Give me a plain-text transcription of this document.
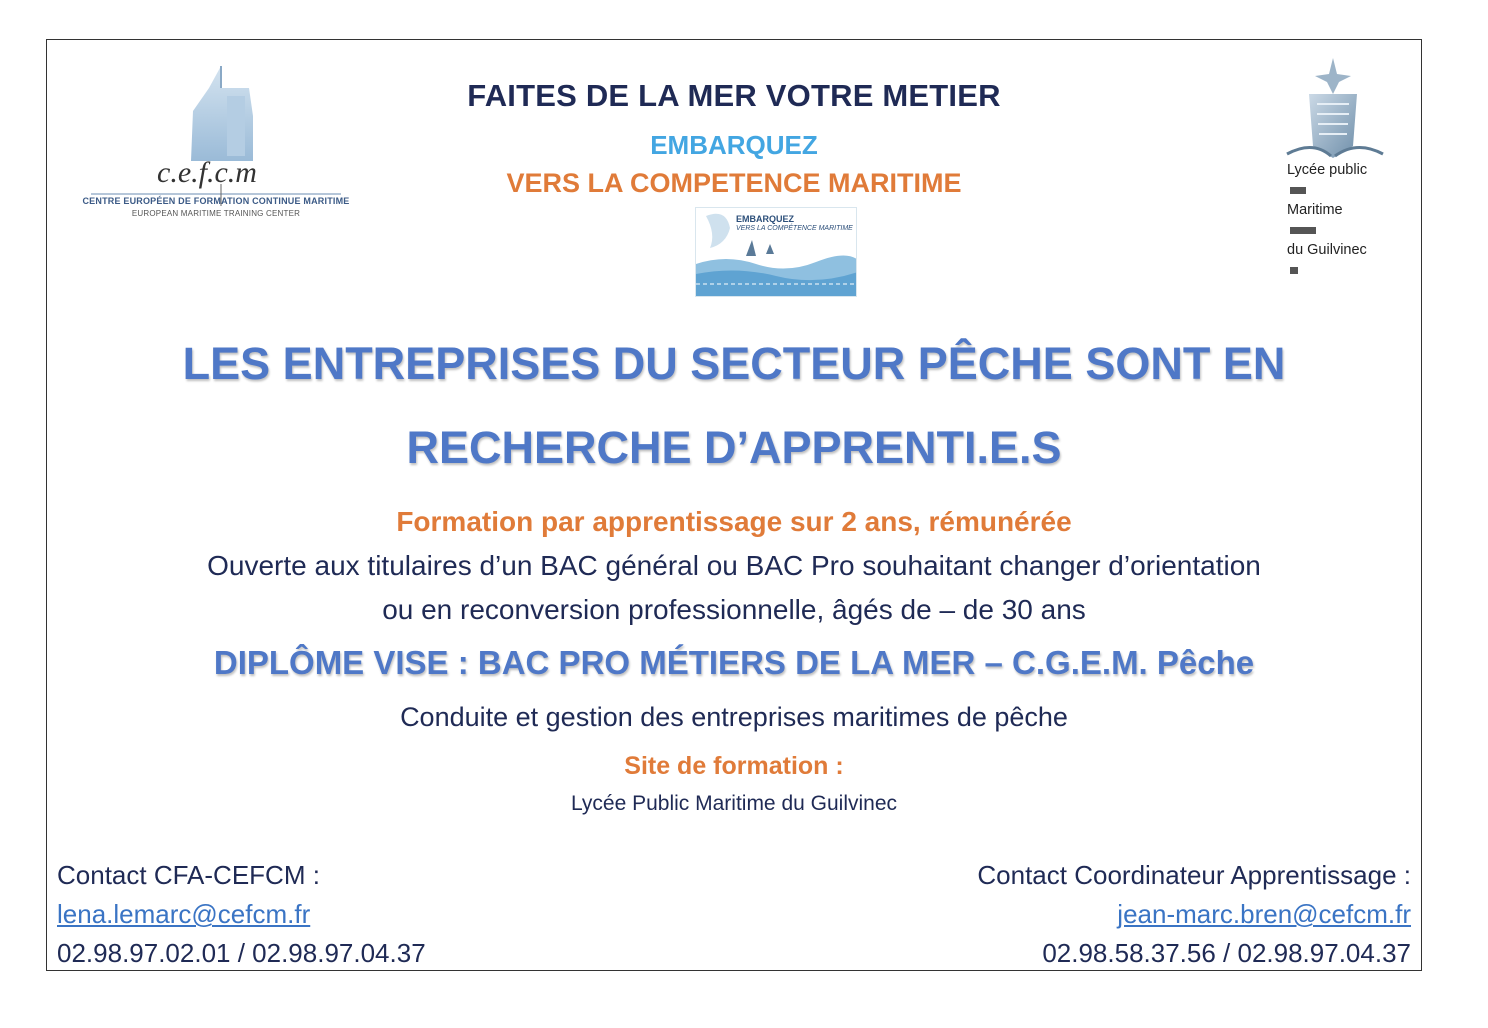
c.e.f.c.m
CENTRE EUROPÉEN DE FORMATION CONTINUE MARITIME
EUROPEAN MARITIME TRAINING CENTER
FAITES DE LA MER VOTRE METIER
EMBARQUEZ
VERS LA COMPETENCE MARITIME	Lycée public
Maritime
du Guilvinec
EMBARQUEZ
VERS LA COMPÉTENCE MARITIME
LES ENTREPRISES DU SECTEUR PÊCHE SONT EN
RECHERCHE D’APPRENTI.E.S
Formation par apprentissage sur 2 ans, rémunérée
Ouverte aux titulaires d’un BAC général ou BAC Pro souhaitant changer d’orientation
ou en reconversion professionnelle, âgés de – de 30 ans
DIPLÔME VISE : BAC PRO MÉTIERS DE LA MER – C.G.E.M. Pêche
Conduite et gestion des entreprises maritimes de pêche
Site de formation :
Lycée Public Maritime du Guilvinec
Contact CFA-CEFCM :
lena.lemarc@cefcm.fr
02.98.97.02.01 / 02.98.97.04.37
Contact Coordinateur Apprentissage :
jean-marc.bren@cefcm.fr
02.98.58.37.56 / 02.98.97.04.37
